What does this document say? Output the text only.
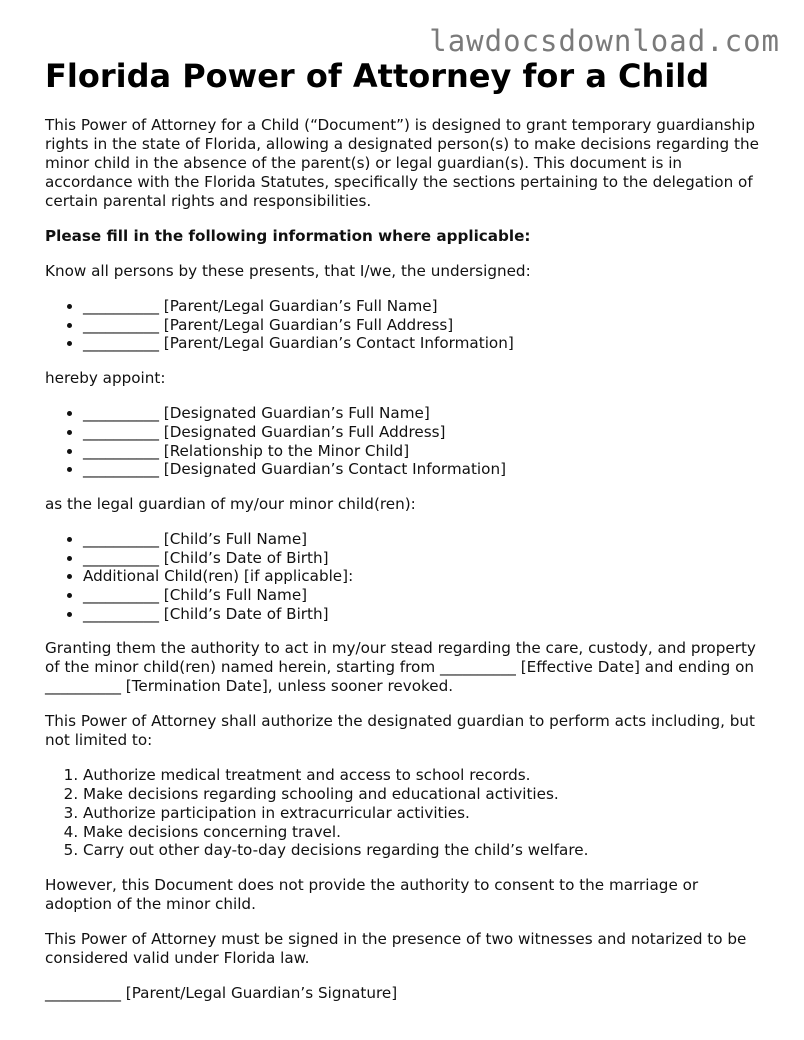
lawdocsdownload.com
Florida Power of Attorney for a Child

This Power of Attorney for a Child (“Document”) is designed to grant temporary guardianship rights in the state of Florida, allowing a designated person(s) to make decisions regarding the minor child in the absence of the parent(s) or legal guardian(s). This document is in accordance with the Florida Statutes, specifically the sections pertaining to the delegation of certain parental rights and responsibilities.

Please fill in the following information where applicable:

Know all persons by these presents, that I/we, the undersigned:

• __________ [Parent/Legal Guardian’s Full Name]
• __________ [Parent/Legal Guardian’s Full Address]
• __________ [Parent/Legal Guardian’s Contact Information]

hereby appoint:

• __________ [Designated Guardian’s Full Name]
• __________ [Designated Guardian’s Full Address]
• __________ [Relationship to the Minor Child]
• __________ [Designated Guardian’s Contact Information]

as the legal guardian of my/our minor child(ren):

• __________ [Child’s Full Name]
• __________ [Child’s Date of Birth]
• Additional Child(ren) [if applicable]:
• __________ [Child’s Full Name]
• __________ [Child’s Date of Birth]

Granting them the authority to act in my/our stead regarding the care, custody, and property of the minor child(ren) named herein, starting from __________ [Effective Date] and ending on __________ [Termination Date], unless sooner revoked.

This Power of Attorney shall authorize the designated guardian to perform acts including, but not limited to:

1. Authorize medical treatment and access to school records.
2. Make decisions regarding schooling and educational activities.
3. Authorize participation in extracurricular activities.
4. Make decisions concerning travel.
5. Carry out other day-to-day decisions regarding the child’s welfare.

However, this Document does not provide the authority to consent to the marriage or adoption of the minor child.

This Power of Attorney must be signed in the presence of two witnesses and notarized to be considered valid under Florida law.

__________ [Parent/Legal Guardian’s Signature]
